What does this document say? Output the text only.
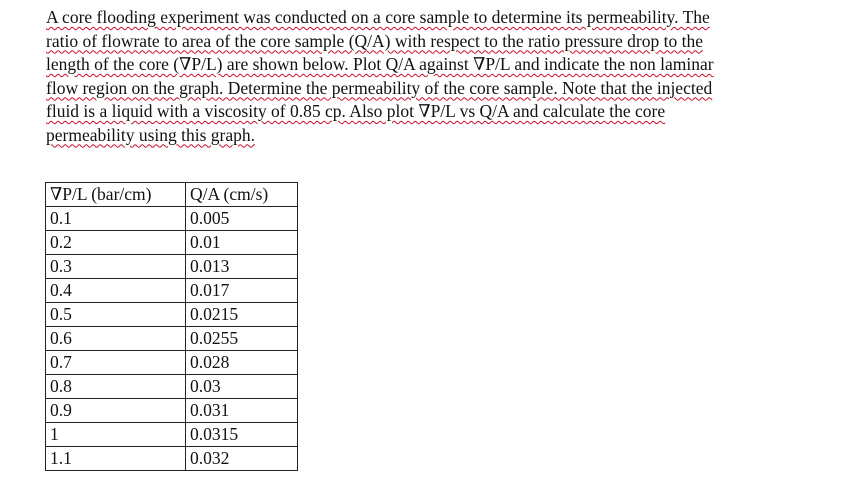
A core flooding experiment was conducted on a core sample to determine its permeability. The

ratio of flowrate to area of the core sample (Q/A) with respect to the ratio pressure drop to the

length of the core (∇P/L) are shown below. Plot Q/A against ∇P/L and indicate the non laminar

flow region on the graph. Determine the permeability of the core sample. Note that the injected

fluid is a liquid with a viscosity of 0.85 cp. Also plot ∇P/L vs Q/A and calculate the core

permeability using this graph.

∇P/L (bar/cm)	Q/A (cm/s)
0.1	0.005
0.2	0.01
0.3	0.013
0.4	0.017
0.5	0.0215
0.6	0.0255
0.7	0.028
0.8	0.03
0.9	0.031
1	0.0315
1.1	0.032
